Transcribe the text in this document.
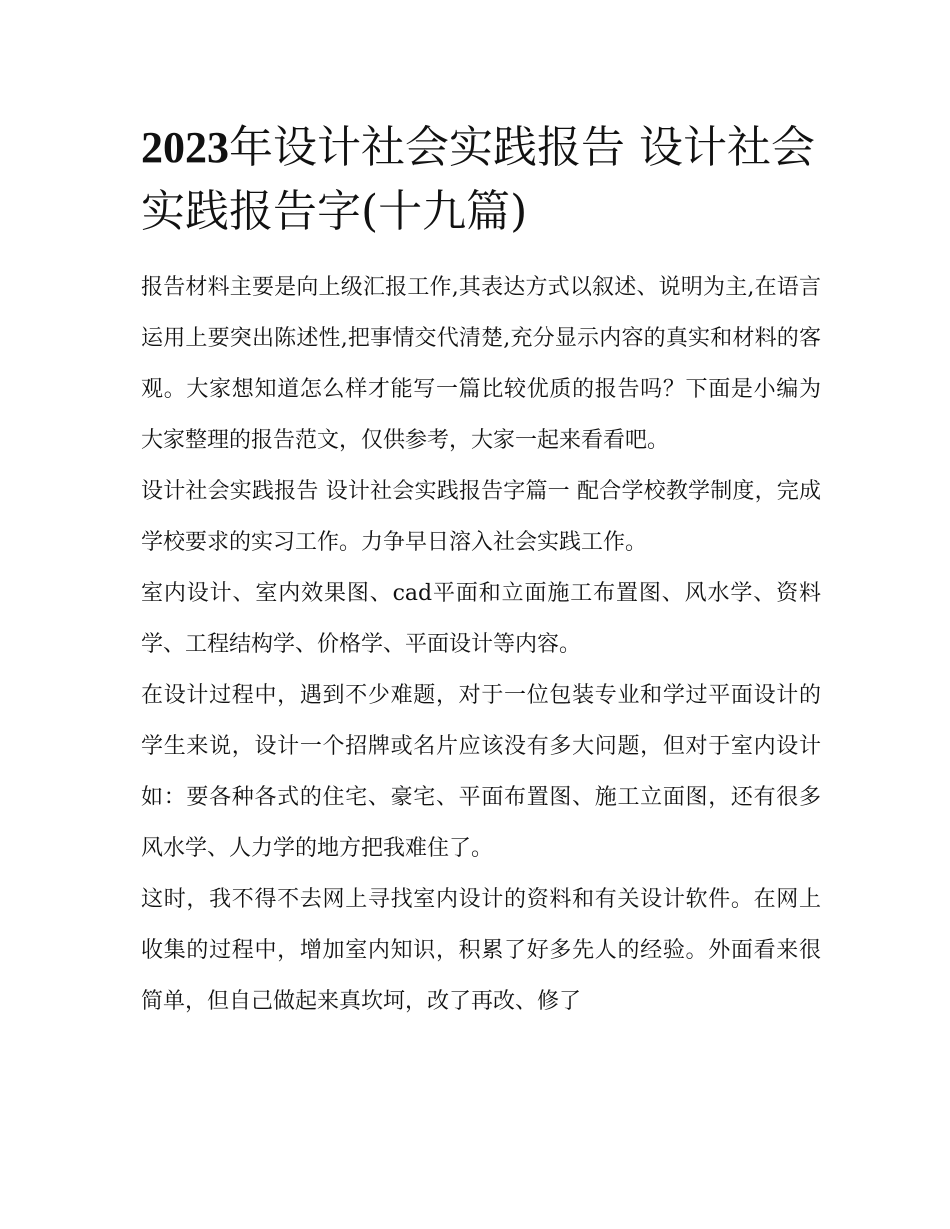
2023年设计社会实践报告 设计社会实践报告字(十九篇)

报告材料主要是向上级汇报工作,其表达方式以叙述、说明为主,在语言运用上要突出陈述性,把事情交代清楚,充分显示内容的真实和材料的客观。大家想知道怎么样才能写一篇比较优质的报告吗？下面是小编为大家整理的报告范文，仅供参考，大家一起来看看吧。

设计社会实践报告 设计社会实践报告字篇一 配合学校教学制度，完成学校要求的实习工作。力争早日溶入社会实践工作。

室内设计、室内效果图、cad平面和立面施工布置图、风水学、资料学、工程结构学、价格学、平面设计等内容。

在设计过程中，遇到不少难题，对于一位包装专业和学过平面设计的学生来说，设计一个招牌或名片应该没有多大问题，但对于室内设计如：要各种各式的住宅、豪宅、平面布置图、施工立面图，还有很多风水学、人力学的地方把我难住了。

这时，我不得不去网上寻找室内设计的资料和有关设计软件。在网上收集的过程中，增加室内知识，积累了好多先人的经验。外面看来很简单，但自己做起来真坎坷，改了再改、修了
